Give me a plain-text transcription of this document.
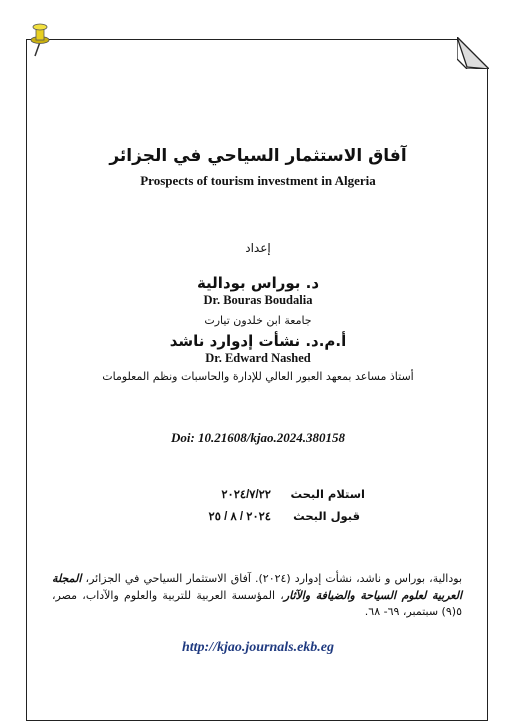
آفاق الاستثمار السياحي في الجزائر
Prospects of tourism investment in Algeria
إعداد
د. بوراس بودالية
Dr. Bouras Boudalia
جامعة ابن خلدون تيارت
أ.م.د. نشأت إدوارد ناشد
Dr. Edward Nashed
أستاذ مساعد بمعهد العبور العالي للإدارة والحاسبات ونظم المعلومات
Doi: 10.21608/kjao.2024.380158
استلام البحث
٢٠٢٤/٧/٢٢
قبول البحث
٢٠٢٤ / ٨ / ٢٥
بودالية، بوراس و ناشد، نشأت إدوارد (٢٠٢٤). آفاق الاستثمار السياحي في الجزائر، المجلة العربية لعلوم السياحة والضيافة والآثار، المؤسسة العربية للتربية والعلوم والآداب، مصر، ٥(٩) سبتمبر، ٦٩- ٦٨.
http://kjao.journals.ekb.eg
